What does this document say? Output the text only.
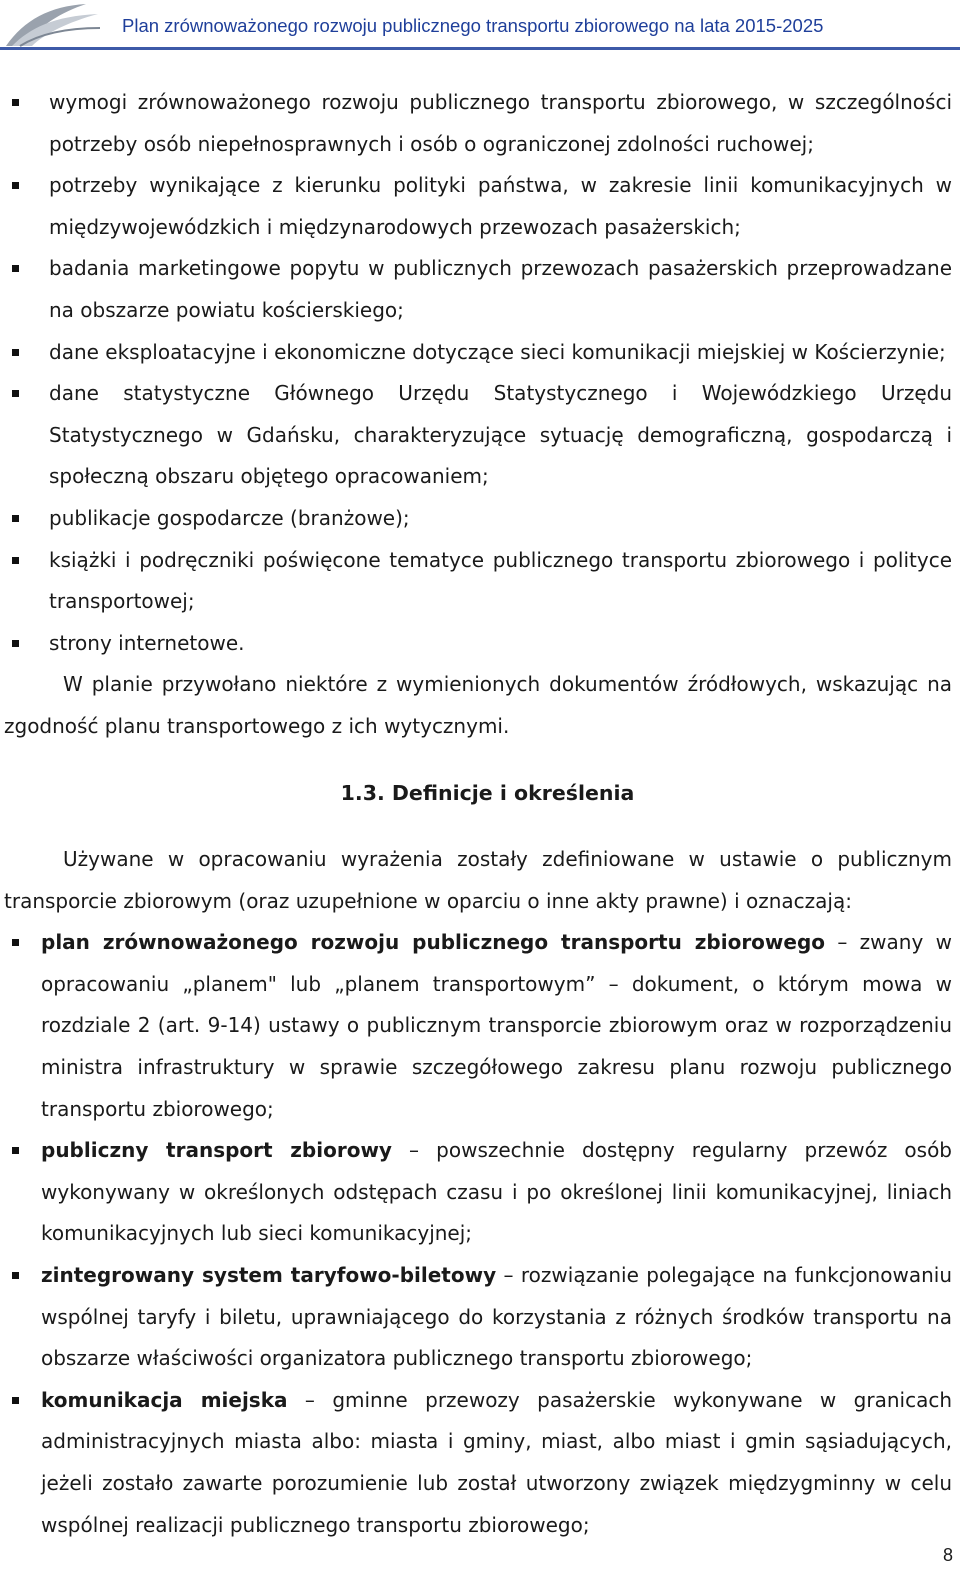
Plan zrównoważonego rozwoju publicznego transportu zbiorowego na lata 2015-2025

wymogi zrównoważonego rozwoju publicznego transportu zbiorowego, w szczególności potrzeby osób niepełnosprawnych i osób o ograniczonej zdolności ruchowej;

potrzeby wynikające z kierunku polityki państwa, w zakresie linii komunikacyjnych w międzywojewódzkich i międzynarodowych przewozach pasażerskich;

badania marketingowe popytu w publicznych przewozach pasażerskich przeprowadzane na obszarze powiatu kościerskiego;

dane eksploatacyjne i ekonomiczne dotyczące sieci komunikacji miejskiej w Kościerzynie;

dane statystyczne Głównego Urzędu Statystycznego i Wojewódzkiego Urzędu Statystycznego w Gdańsku, charakteryzujące sytuację demograficzną, gospodarczą i społeczną obszaru objętego opracowaniem;

publikacje gospodarcze (branżowe);

książki i podręczniki poświęcone tematyce publicznego transportu zbiorowego i polityce transportowej;

strony internetowe.

W planie przywołano niektóre z wymienionych dokumentów źródłowych, wskazując na zgodność planu transportowego z ich wytycznymi.

1.3. Definicje i określenia

Używane w opracowaniu wyrażenia zostały zdefiniowane w ustawie o publicznym transporcie zbiorowym (oraz uzupełnione w oparciu o inne akty prawne) i oznaczają:

plan zrównoważonego rozwoju publicznego transportu zbiorowego – zwany w opracowaniu „planem" lub „planem transportowym” – dokument, o którym mowa w rozdziale 2 (art. 9-14) ustawy o publicznym transporcie zbiorowym oraz w rozporządzeniu ministra infrastruktury w sprawie szczegółowego zakresu planu rozwoju publicznego transportu zbiorowego;

publiczny transport zbiorowy – powszechnie dostępny regularny przewóz osób wykonywany w określonych odstępach czasu i po określonej linii komunikacyjnej, liniach komunikacyjnych lub sieci komunikacyjnej;

zintegrowany system taryfowo-biletowy – rozwiązanie polegające na funkcjonowaniu wspólnej taryfy i biletu, uprawniającego do korzystania z różnych środków transportu na obszarze właściwości organizatora publicznego transportu zbiorowego;

komunikacja miejska – gminne przewozy pasażerskie wykonywane w granicach administracyjnych miasta albo: miasta i gminy, miast, albo miast i gmin sąsiadujących, jeżeli zostało zawarte porozumienie lub został utworzony związek międzygminny w celu wspólnej realizacji publicznego transportu zbiorowego;

8
